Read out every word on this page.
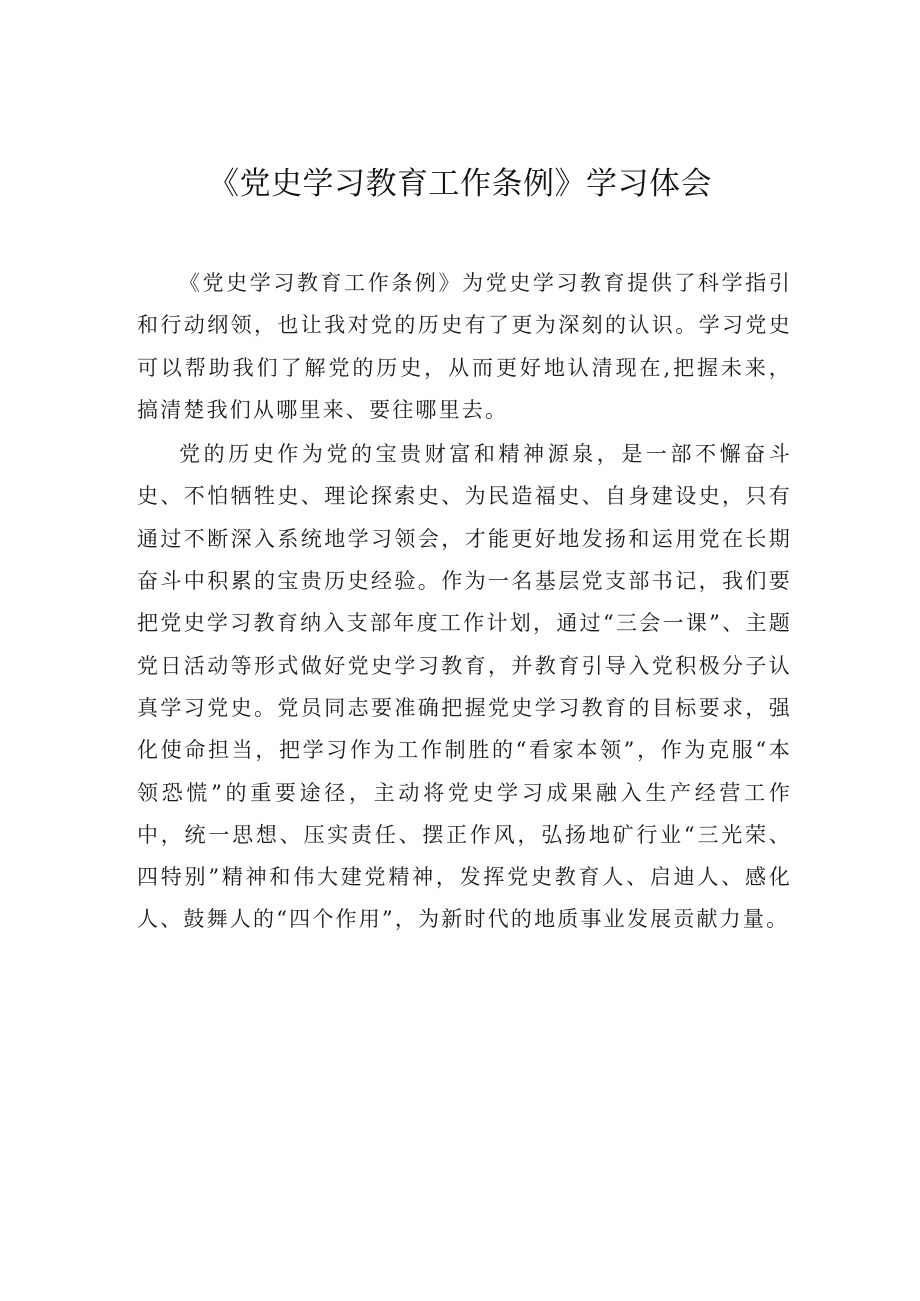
《党史学习教育工作条例》学习体会

《党史学习教育工作条例》为党史学习教育提供了科学指引和行动纲领，也让我对党的历史有了更为深刻的认识。学习党史可以帮助我们了解党的历史，从而更好地认清现在,把握未来，搞清楚我们从哪里来、要往哪里去。

党的历史作为党的宝贵财富和精神源泉，是一部不懈奋斗史、不怕牺牲史、理论探索史、为民造福史、自身建设史，只有通过不断深入系统地学习领会，才能更好地发扬和运用党在长期奋斗中积累的宝贵历史经验。作为一名基层党支部书记，我们要把党史学习教育纳入支部年度工作计划，通过“三会一课”、主题党日活动等形式做好党史学习教育，并教育引导入党积极分子认真学习党史。党员同志要准确把握党史学习教育的目标要求，强化使命担当，把学习作为工作制胜的“看家本领”，作为克服“本领恐慌”的重要途径，主动将党史学习成果融入生产经营工作中，统一思想、压实责任、摆正作风，弘扬地矿行业“三光荣、四特别”精神和伟大建党精神，发挥党史教育人、启迪人、感化人、鼓舞人的“四个作用”，为新时代的地质事业发展贡献力量。
